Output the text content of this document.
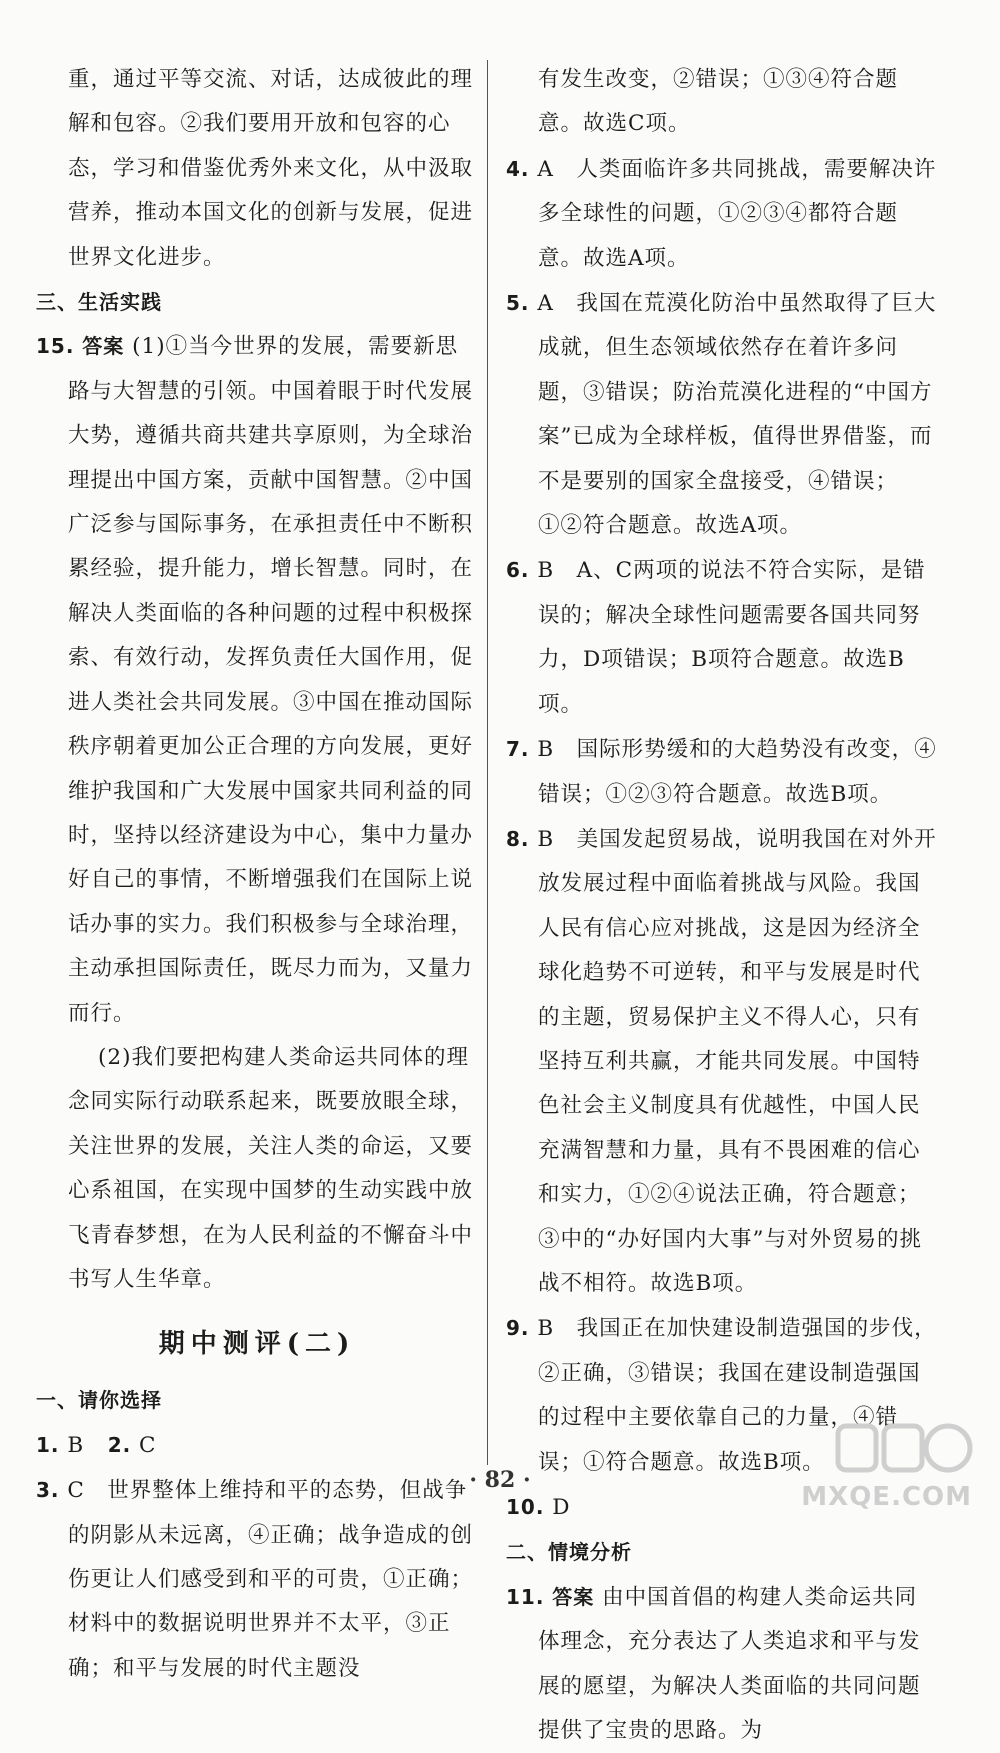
重，通过平等交流、对话，达成彼此的理解和包容。②我们要用开放和包容的心态，学习和借鉴优秀外来文化，从中汲取营养，推动本国文化的创新与发展，促进世界文化进步。

三、生活实践

15. 答案 (1)①当今世界的发展，需要新思路与大智慧的引领。中国着眼于时代发展大势，遵循共商共建共享原则，为全球治理提出中国方案，贡献中国智慧。②中国广泛参与国际事务，在承担责任中不断积累经验，提升能力，增长智慧。同时，在解决人类面临的各种问题的过程中积极探索、有效行动，发挥负责任大国作用，促进人类社会共同发展。③中国在推动国际秩序朝着更加公正合理的方向发展，更好维护我国和广大发展中国家共同利益的同时，坚持以经济建设为中心，集中力量办好自己的事情，不断增强我们在国际上说话办事的实力。我们积极参与全球治理，主动承担国际责任，既尽力而为，又量力而行。

(2)我们要把构建人类命运共同体的理念同实际行动联系起来，既要放眼全球，关注世界的发展，关注人类的命运，又要心系祖国，在实现中国梦的生动实践中放飞青春梦想，在为人民利益的不懈奋斗中书写人生华章。

期中测评(二)

一、请你选择

1. B 2. C
3. C　世界整体上维持和平的态势，但战争的阴影从未远离，④正确；战争造成的创伤更让人们感受到和平的可贵，①正确；材料中的数据说明世界并不太平，③正确；和平与发展的时代主题没

有发生改变，②错误；①③④符合题意。故选C项。

4. A　人类面临许多共同挑战，需要解决许多全球性的问题，①②③④都符合题意。故选A项。
5. A　我国在荒漠化防治中虽然取得了巨大成就，但生态领域依然存在着许多问题，③错误；防治荒漠化进程的“中国方案”已成为全球样板，值得世界借鉴，而不是要别的国家全盘接受，④错误；①②符合题意。故选A项。
6. B　A、C两项的说法不符合实际，是错误的；解决全球性问题需要各国共同努力，D项错误；B项符合题意。故选B项。
7. B　国际形势缓和的大趋势没有改变，④错误；①②③符合题意。故选B项。
8. B　美国发起贸易战，说明我国在对外开放发展过程中面临着挑战与风险。我国人民有信心应对挑战，这是因为经济全球化趋势不可逆转，和平与发展是时代的主题，贸易保护主义不得人心，只有坚持互利共赢，才能共同发展。中国特色社会主义制度具有优越性，中国人民充满智慧和力量，具有不畏困难的信心和实力，①②④说法正确，符合题意；③中的“办好国内大事”与对外贸易的挑战不相符。故选B项。
9. B　我国正在加快建设制造强国的步伐，②正确，③错误；我国在建设制造强国的过程中主要依靠自己的力量，④错误；①符合题意。故选B项。
10. D

二、情境分析

11. 答案 由中国首倡的构建人类命运共同体理念，充分表达了人类追求和平与发展的愿望，为解决人类面临的共同问题提供了宝贵的思路。为
· 82 ·
MXQE.COM
